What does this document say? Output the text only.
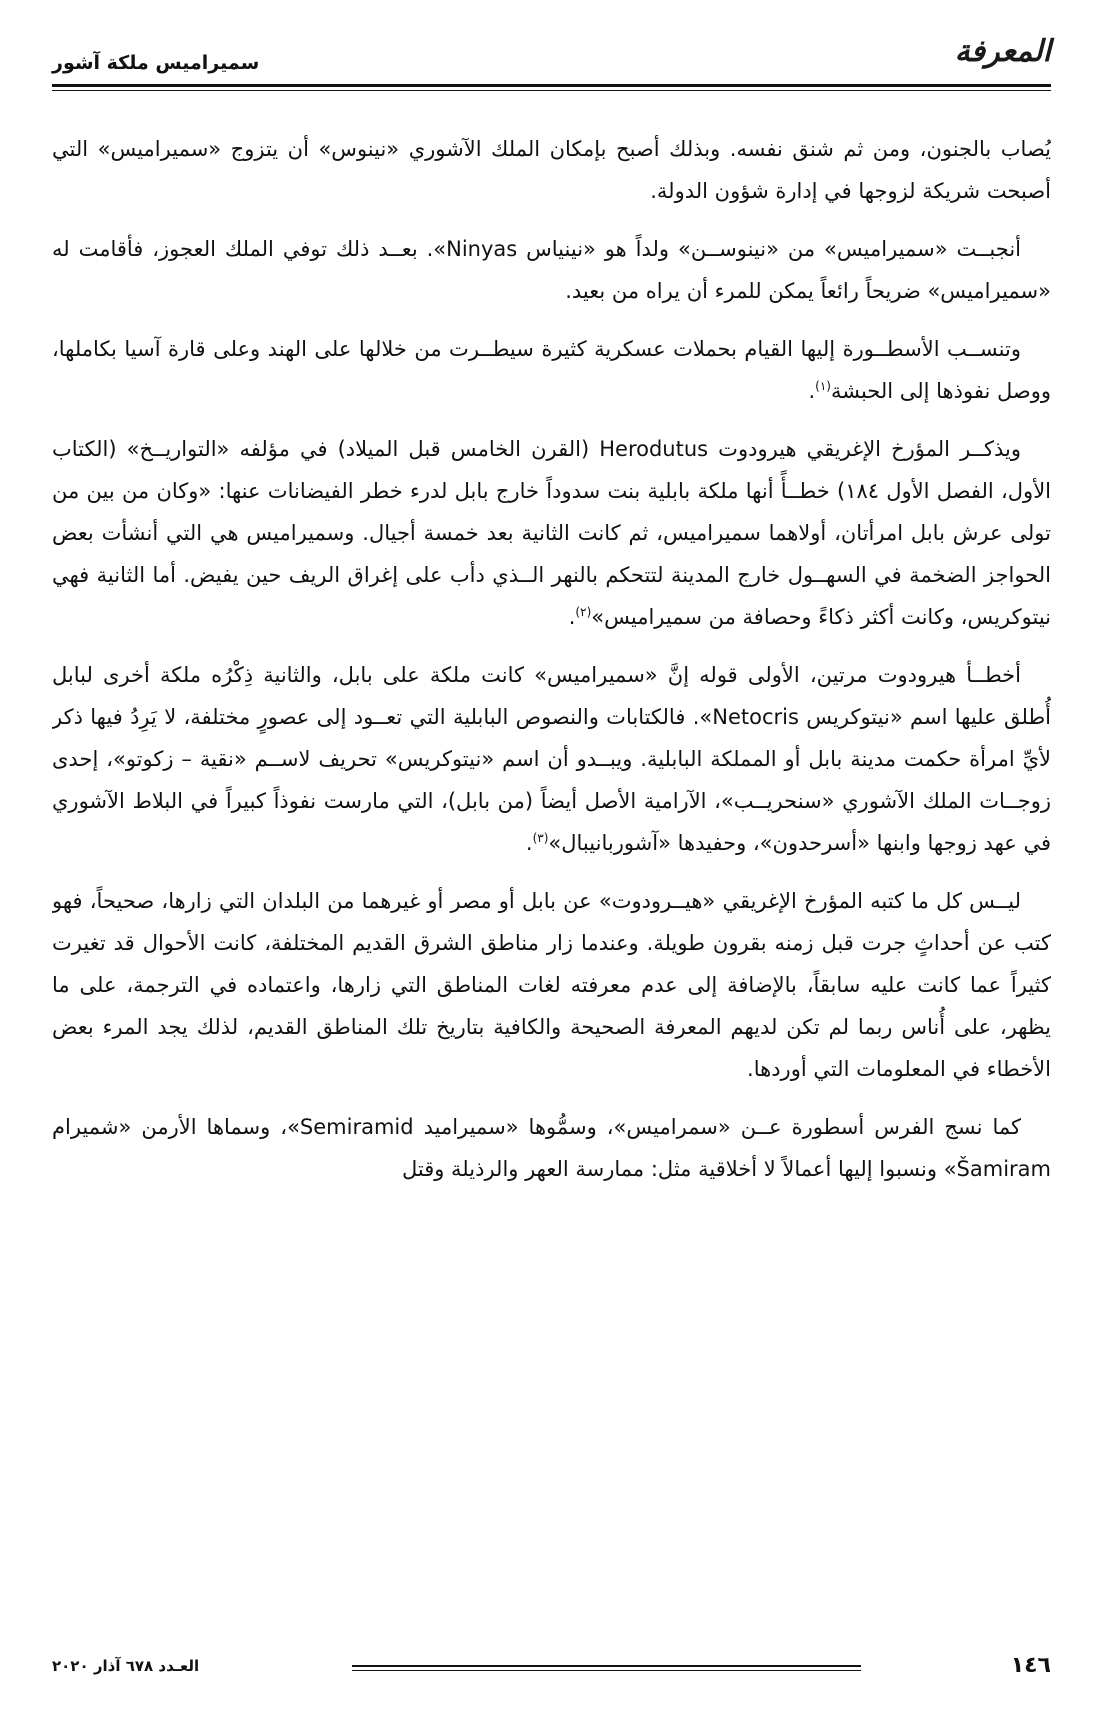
المعرفة
سميراميس ملكة آشور

يُصاب بالجنون، ومن ثم شنق نفسه. وبذلك أصبح بإمكان الملك الآشوري «نينوس» أن يتزوج «سميراميس» التي أصبحت شريكة لزوجها في إدارة شؤون الدولة.

أنجبــت «سميراميس» من «نينوســن» ولداً هو «نينياس Ninyas». بعــد ذلك توفي الملك العجوز، فأقامت له «سميراميس» ضريحاً رائعاً يمكن للمرء أن يراه من بعيد.

وتنســب الأسطــورة إليها القيام بحملات عسكرية كثيرة سيطــرت من خلالها على الهند وعلى قارة آسيا بكاملها، ووصل نفوذها إلى الحبشة$^{(١)}$.

ويذكــر المؤرخ الإغريقي هيرودوت Herodutus (القرن الخامس قبل الميلاد) في مؤلفه «التواريــخ» (الكتاب الأول، الفصل الأول ١٨٤) خطــأً أنها ملكة بابلية بنت سدوداً خارج بابل لدرء خطر الفيضانات عنها: «وكان من بين من تولى عرش بابل امرأتان، أولاهما سميراميس، ثم كانت الثانية بعد خمسة أجيال. وسميراميس هي التي أنشأت بعض الحواجز الضخمة في السهــول خارج المدينة لتتحكم بالنهر الــذي دأب على إغراق الريف حين يفيض. أما الثانية فهي نيتوكريس، وكانت أكثر ذكاءً وحصافة من سميراميس»$^{(٢)}$.

أخطــأ هيرودوت مرتين، الأولى قوله إنَّ «سميراميس» كانت ملكة على بابل، والثانية ذِكْرُه ملكة أخرى لبابل أُطلق عليها اسم «نيتوكريس Netocris». فالكتابات والنصوص البابلية التي تعــود إلى عصورٍ مختلفة، لا يَرِدُ فيها ذكر لأيِّ امرأة حكمت مدينة بابل أو المملكة البابلية. ويبــدو أن اسم «نيتوكريس» تحريف لاســم «نقية – زكوتو»، إحدى زوجــات الملك الآشوري «سنحريــب»، الآرامية الأصل أيضاً (من بابل)، التي مارست نفوذاً كبيراً في البلاط الآشوري في عهد زوجها وابنها «أسرحدون»، وحفيدها «آشوربانيبال»$^{(٣)}$.

ليــس كل ما كتبه المؤرخ الإغريقي «هيــرودوت» عن بابل أو مصر أو غيرهما من البلدان التي زارها، صحيحاً، فهو كتب عن أحداثٍ جرت قبل زمنه بقرون طويلة. وعندما زار مناطق الشرق القديم المختلفة، كانت الأحوال قد تغيرت كثيراً عما كانت عليه سابقاً، بالإضافة إلى عدم معرفته لغات المناطق التي زارها، واعتماده في الترجمة، على ما يظهر، على أُناس ربما لم تكن لديهم المعرفة الصحيحة والكافية بتاريخ تلك المناطق القديم، لذلك يجد المرء بعض الأخطاء في المعلومات التي أوردها.

كما نسج الفرس أسطورة عــن «سمراميس»، وسمُّوها «سميراميد Semiramid»، وسماها الأرمن «شميرام Šamiram» ونسبوا إليها أعمالاً لا أخلاقية مثل: ممارسة العهر والرذيلة وقتل

١٤٦
العـدد ٦٧٨ آذار ٢٠٢٠
